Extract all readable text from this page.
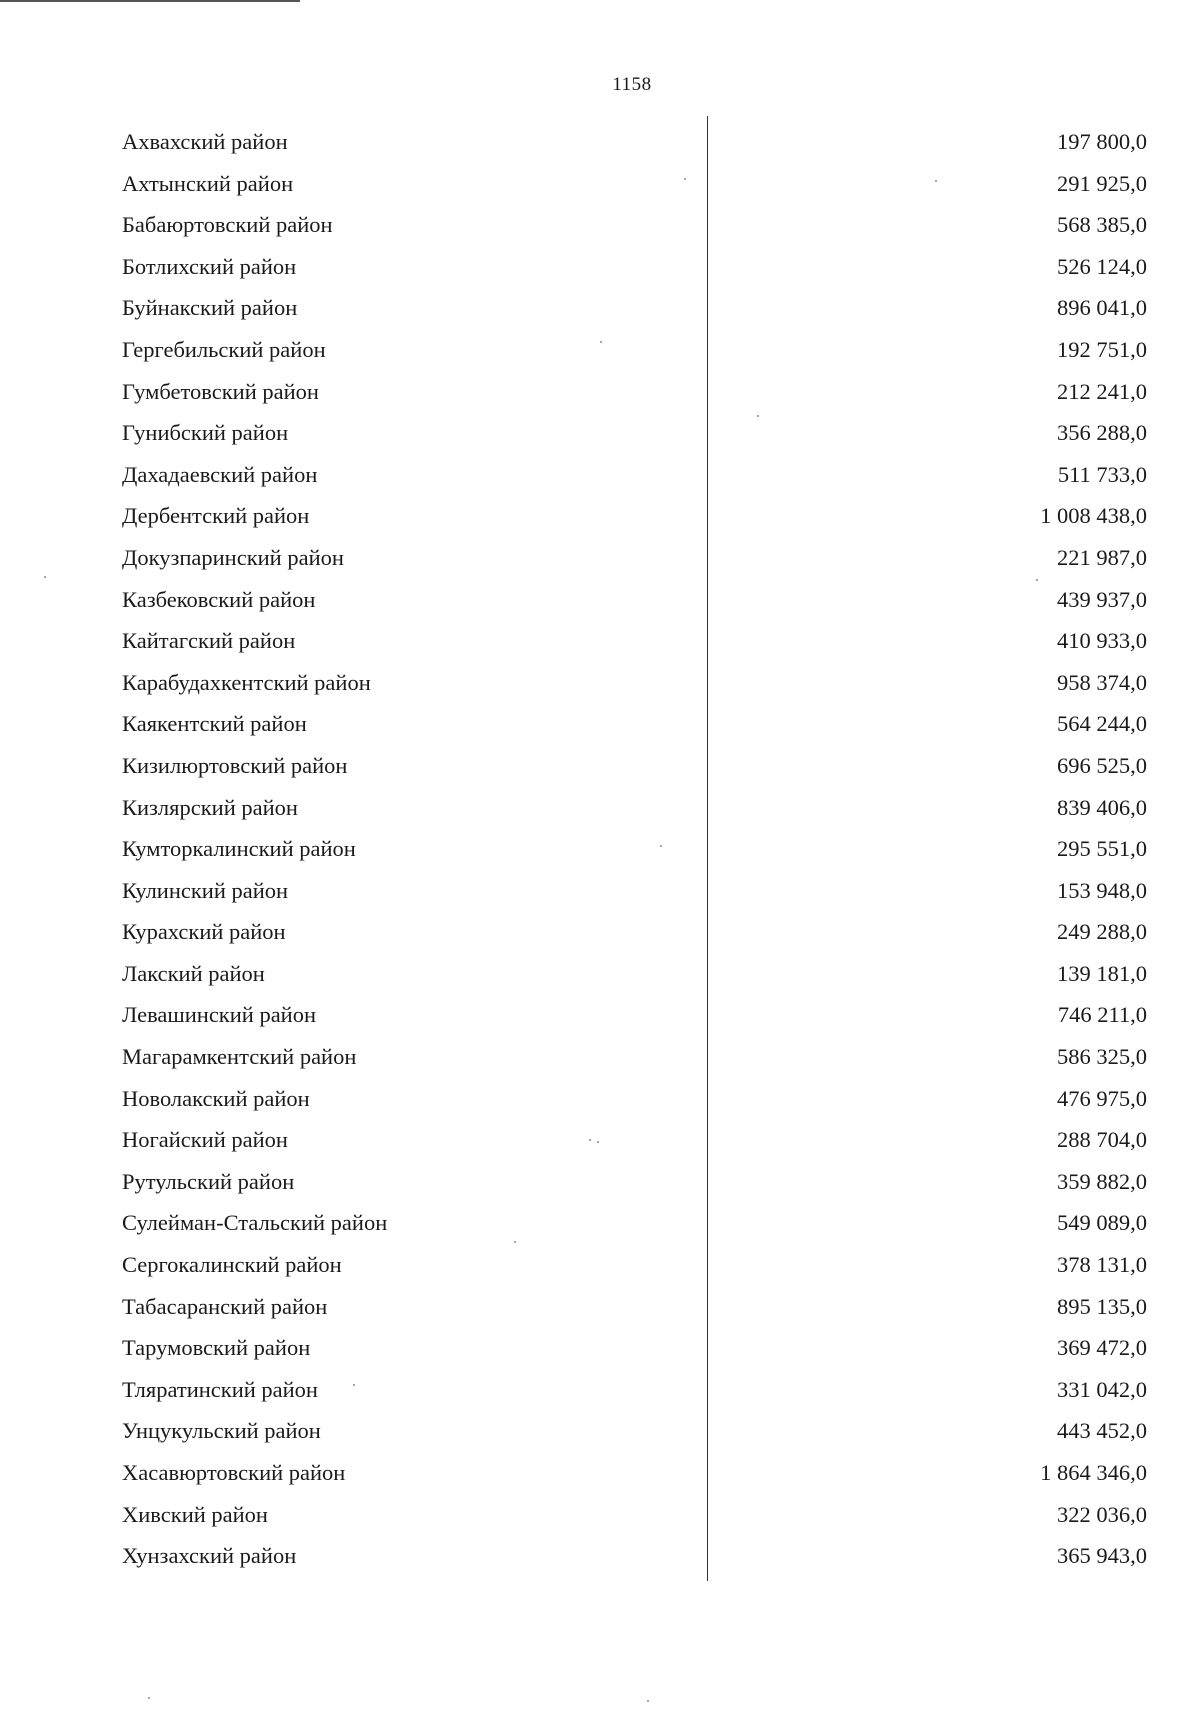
1158
Ахвахский район	197 800,0
Ахтынский район	291 925,0
Бабаюртовский район	568 385,0
Ботлихский район	526 124,0
Буйнакский район	896 041,0
Гергебильский район	192 751,0
Гумбетовский район	212 241,0
Гунибский район	356 288,0
Дахадаевский район	511 733,0
Дербентский район	1 008 438,0
Докузпаринский район	221 987,0
Казбековский район	439 937,0
Кайтагский район	410 933,0
Карабудахкентский район	958 374,0
Каякентский район	564 244,0
Кизилюртовский район	696 525,0
Кизлярский район	839 406,0
Кумторкалинский район	295 551,0
Кулинский район	153 948,0
Курахский район	249 288,0
Лакский район	139 181,0
Левашинский район	746 211,0
Магарамкентский район	586 325,0
Новолакский район	476 975,0
Ногайский район	288 704,0
Рутульский район	359 882,0
Сулейман-Стальский район	549 089,0
Сергокалинский район	378 131,0
Табасаранский район	895 135,0
Тарумовский район	369 472,0
Тляратинский район	331 042,0
Унцукульский район	443 452,0
Хасавюртовский район	1 864 346,0
Хивский район	322 036,0
Хунзахский район	365 943,0
